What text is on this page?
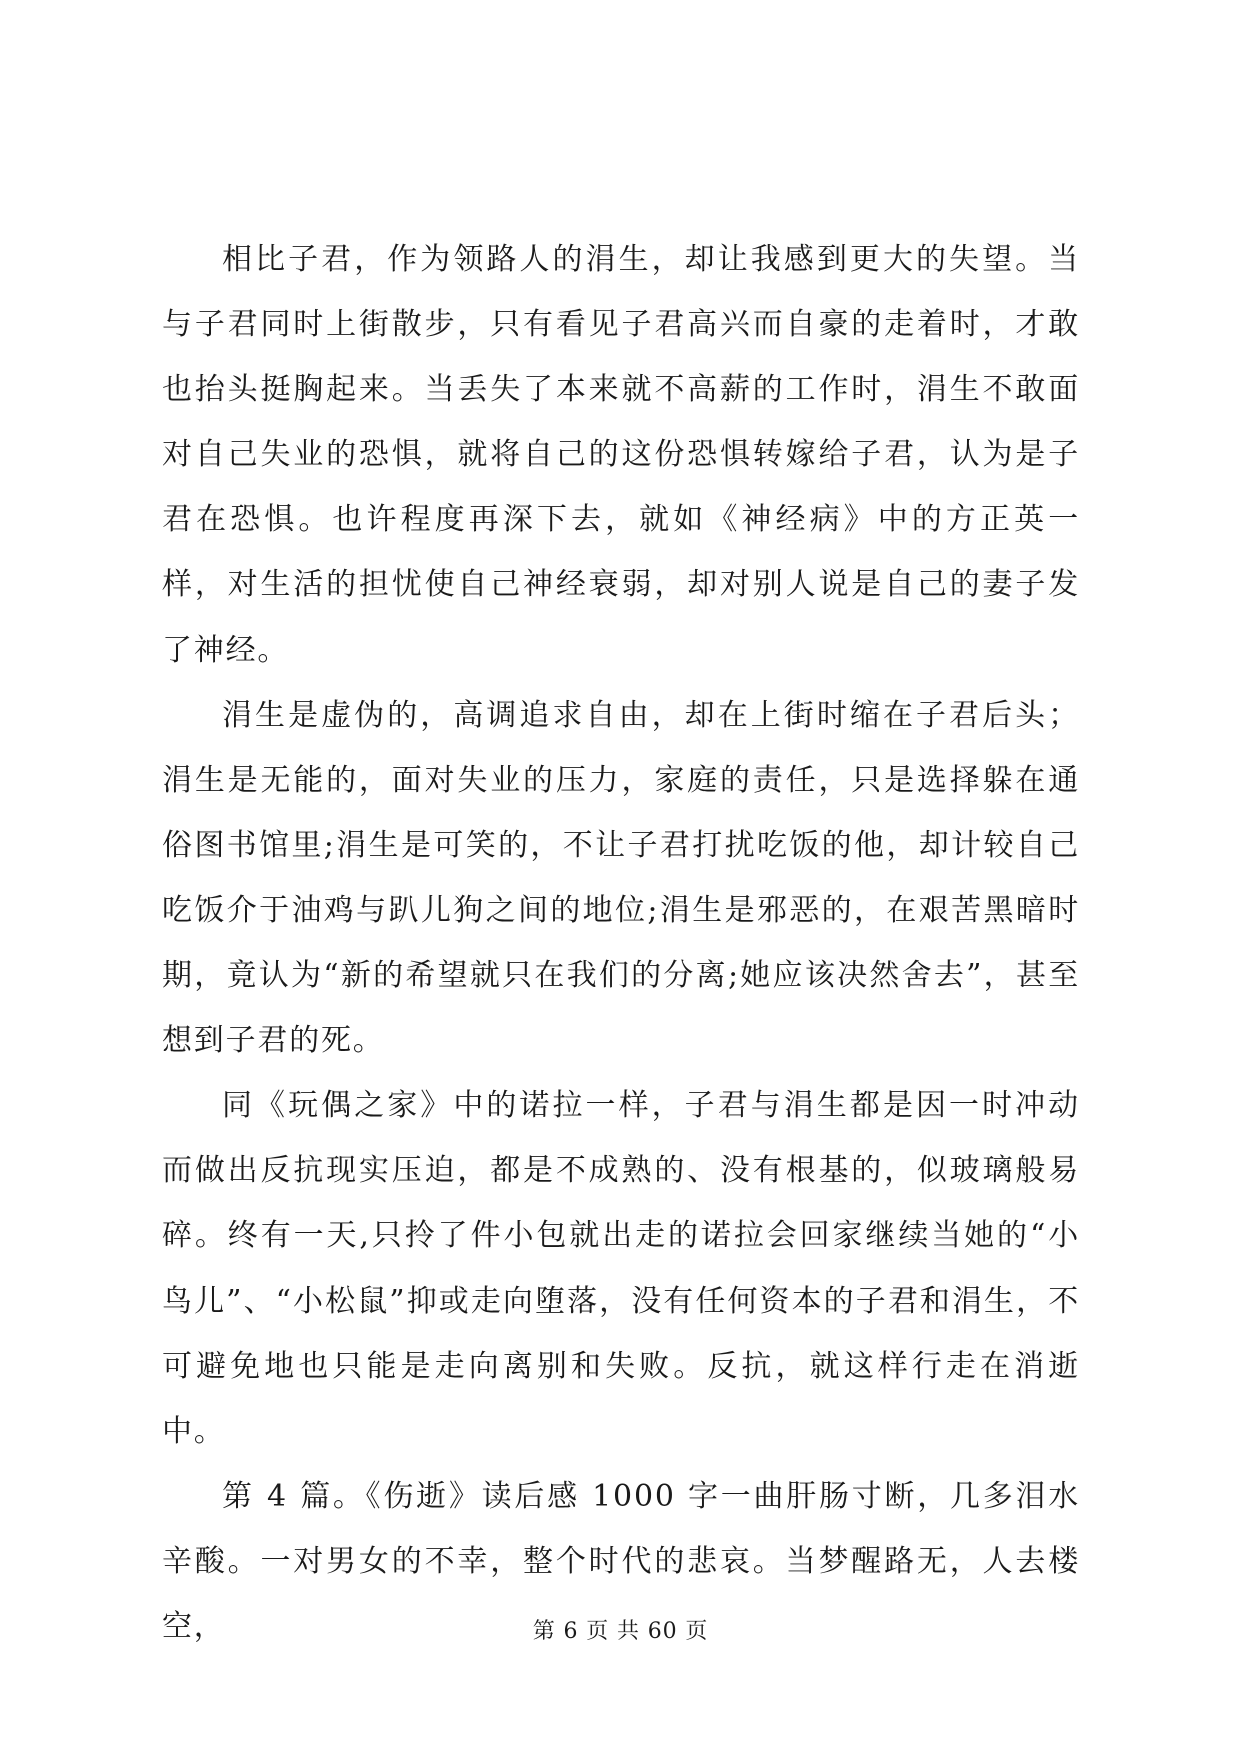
相比子君，作为领路人的涓生，却让我感到更大的失望。当与子君同时上街散步，只有看见子君高兴而自豪的走着时，才敢也抬头挺胸起来。当丢失了本来就不高薪的工作时，涓生不敢面对自己失业的恐惧，就将自己的这份恐惧转嫁给子君，认为是子君在恐惧。也许程度再深下去，就如《神经病》中的方正英一样，对生活的担忧使自己神经衰弱，却对别人说是自己的妻子发了神经。

涓生是虚伪的，高调追求自由，却在上街时缩在子君后头；涓生是无能的，面对失业的压力，家庭的责任，只是选择躲在通俗图书馆里;涓生是可笑的，不让子君打扰吃饭的他，却计较自己吃饭介于油鸡与趴儿狗之间的地位;涓生是邪恶的，在艰苦黑暗时期，竟认为“新的希望就只在我们的分离;她应该决然舍去”，甚至想到子君的死。

同《玩偶之家》中的诺拉一样，子君与涓生都是因一时冲动而做出反抗现实压迫，都是不成熟的、没有根基的，似玻璃般易碎。终有一天,只拎了件小包就出走的诺拉会回家继续当她的“小鸟儿”、“小松鼠”抑或走向堕落，没有任何资本的子君和涓生，不可避免地也只能是走向离别和失败。反抗，就这样行走在消逝中。

第 4 篇。《伤逝》读后感 1000 字一曲肝肠寸断，几多泪水辛酸。一对男女的不幸，整个时代的悲哀。当梦醒路无，人去楼空，	第 6 页 共 60 页
